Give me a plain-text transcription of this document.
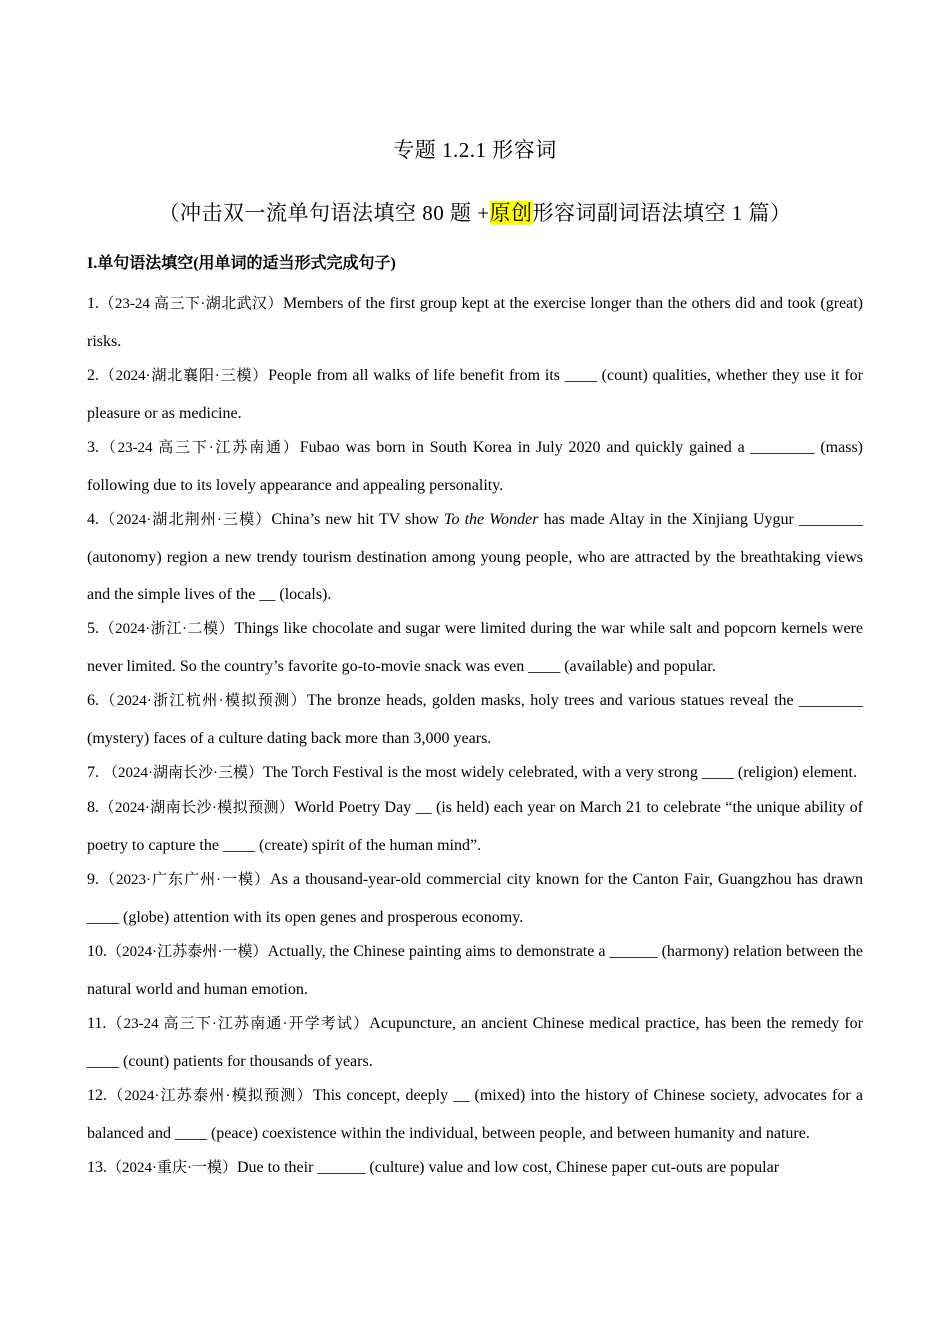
专题 1.2.1 形容词
（冲击双一流单句语法填空 80 题 +原创形容词副词语法填空 1 篇）
I.单句语法填空(用单词的适当形式完成句子)

1.（23-24 高三下·湖北武汉）Members of the first group kept at the exercise longer than the others did and took (great) risks.

2.（2024·湖北襄阳·三模）People from all walks of life benefit from its ____ (count) qualities, whether they use it for pleasure or as medicine.

3.（23-24 高三下·江苏南通）Fubao was born in South Korea in July 2020 and quickly gained a ________ (mass) following due to its lovely appearance and appealing personality.

4.（2024·湖北荆州·三模）China’s new hit TV show To the Wonder has made Altay in the Xinjiang Uygur ________ (autonomy) region a new trendy tourism destination among young people, who are attracted by the breathtaking views and the simple lives of the __ (locals).

5.（2024·浙江·二模）Things like chocolate and sugar were limited during the war while salt and popcorn kernels were never limited. So the country’s favorite go-to-movie snack was even ____ (available) and popular.

6.（2024·浙江杭州·模拟预测）The bronze heads, golden masks, holy trees and various statues reveal the ________ (mystery) faces of a culture dating back more than 3,000 years.

7. （2024·湖南长沙·三模）The Torch Festival is the most widely celebrated, with a very strong ____ (religion) element.

8.（2024·湖南长沙·模拟预测）World Poetry Day __ (is held) each year on March 21 to celebrate “the unique ability of poetry to capture the ____ (create) spirit of the human mind”.

9.（2023·广东广州·一模）As a thousand-year-old commercial city known for the Canton Fair, Guangzhou has drawn ____ (globe) attention with its open genes and prosperous economy.

10.（2024·江苏泰州·一模）Actually, the Chinese painting aims to demonstrate a ______ (harmony) relation between the natural world and human emotion.

11.（23-24 高三下·江苏南通·开学考试）Acupuncture, an ancient Chinese medical practice, has been the remedy for ____ (count) patients for thousands of years.

12.（2024·江苏泰州·模拟预测）This concept, deeply __ (mixed) into the history of Chinese society, advocates for a balanced and ____ (peace) coexistence within the individual, between people, and between humanity and nature.

13.（2024·重庆·一模）Due to their ______ (culture) value and low cost, Chinese paper cut-outs are popular
